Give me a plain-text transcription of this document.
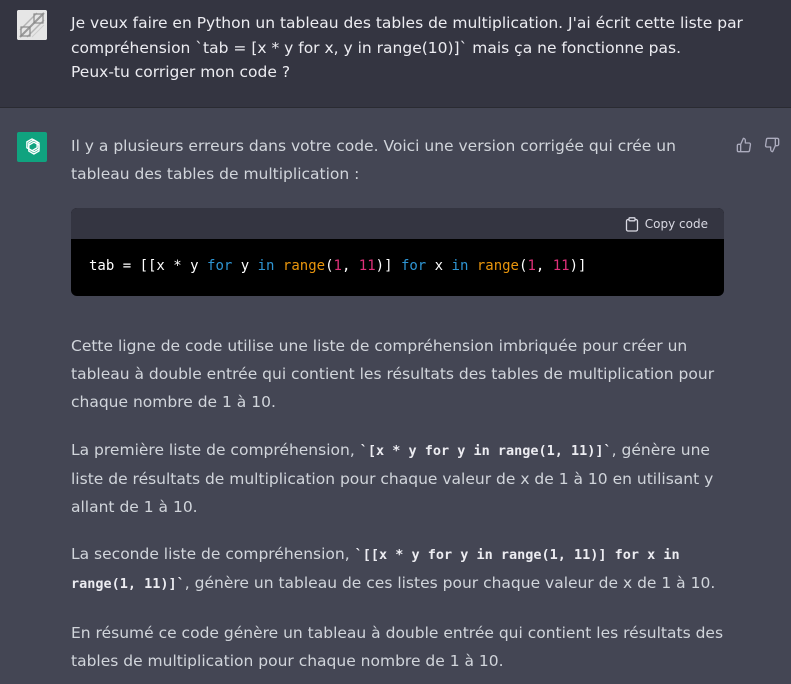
Je veux faire en Python un tableau des tables de multiplication. J'ai écrit cette liste par compréhension `tab = [x * y for x, y in range(10)]` mais ça ne fonctionne pas.
Peux-tu corriger mon code ?

Il y a plusieurs erreurs dans votre code. Voici une version corrigée qui crée un tableau des tables de multiplication :

Copy code
tab = [[x * y for y in range(1, 11)] for x in range(1, 11)]

Cette ligne de code utilise une liste de compréhension imbriquée pour créer un tableau à double entrée qui contient les résultats des tables de multiplication pour chaque nombre de 1 à 10.

La première liste de compréhension, `[x * y for y in range(1, 11)]`, génère une liste de résultats de multiplication pour chaque valeur de x de 1 à 10 en utilisant y allant de 1 à 10.

La seconde liste de compréhension, `[[x * y for y in range(1, 11)] for x in range(1, 11)]`, génère un tableau de ces listes pour chaque valeur de x de 1 à 10.

En résumé ce code génère un tableau à double entrée qui contient les résultats des tables de multiplication pour chaque nombre de 1 à 10.
